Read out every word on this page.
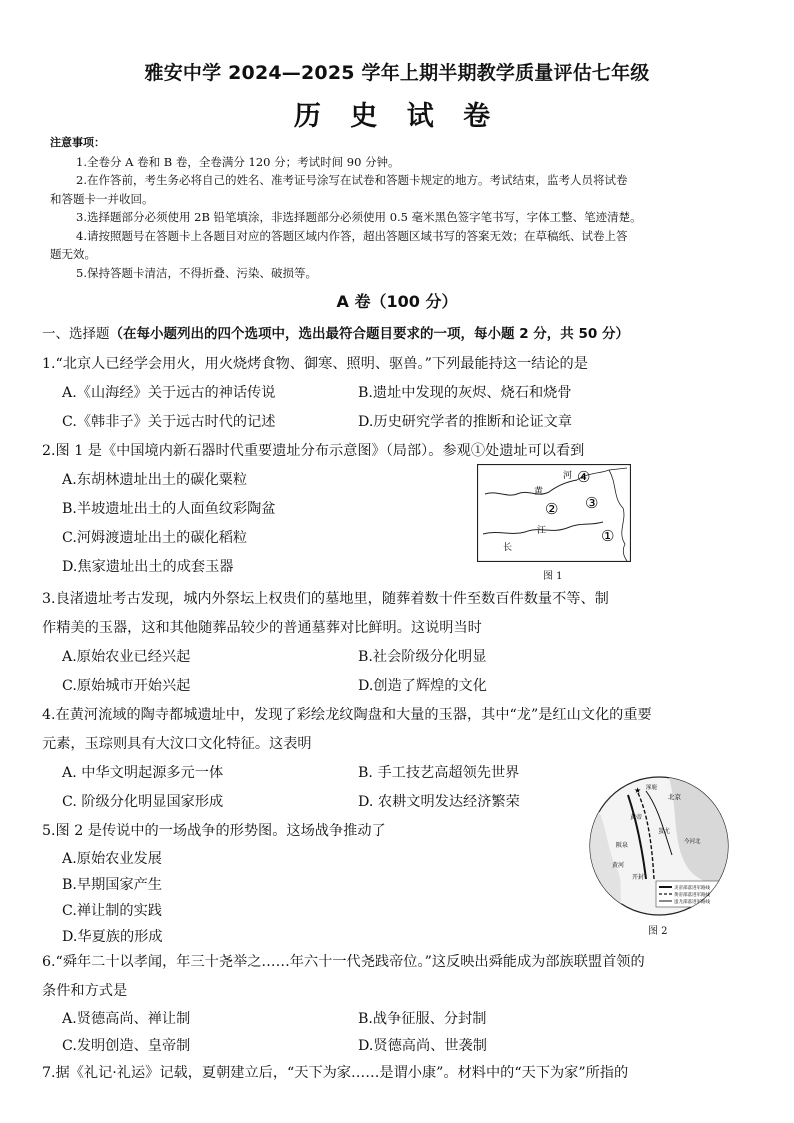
雅安中学 2024—2025 学年上期半期教学质量评估七年级
历 史 试 卷
注意事项：
1.全卷分 A 卷和 B 卷，全卷满分 120 分；考试时间 90 分钟。
2.在作答前，考生务必将自己的姓名、准考证号涂写在试卷和答题卡规定的地方。考试结束，监考人员将试卷
和答题卡一并收回。
3.选择题部分必须使用 2B 铅笔填涂，非选择题部分必须使用 0.5 毫米黑色签字笔书写，字体工整、笔迹清楚。
4.请按照题号在答题卡上各题目对应的答题区域内作答，超出答题区域书写的答案无效；在草稿纸、试卷上答
题无效。
5.保持答题卡清洁，不得折叠、污染、破损等。
A 卷（100 分）
一、选择题（在每小题列出的四个选项中，选出最符合题目要求的一项，每小题 2 分，共 50 分）
1.“北京人已经学会用火，用火烧烤食物、御寒、照明、驱兽。”下列最能持这一结论的是
A.《山海经》关于远古的神话传说	B.遗址中发现的灰烬、烧石和烧骨
C.《韩非子》关于远古时代的记述	D.历史研究学者的推断和论证文章
2.图 1 是《中国境内新石器时代重要遗址分布示意图》（局部）。参观①处遗址可以看到
A.东胡林遗址出土的碳化粟粒
B.半坡遗址出土的人面鱼纹彩陶盆
C.河姆渡遗址出土的碳化稻粒
D.焦家遗址出土的成套玉器
黄
河
长
江	①
② ③
④
图 1
3.良渚遗址考古发现，城内外祭坛上权贵们的墓地里，随葬着数十件至数百件数量不等、制
作精美的玉器，这和其他随葬品较少的普通墓葬对比鲜明。这说明当时
A.原始农业已经兴起	B.社会阶级分化明显
C.原始城市开始兴起	D.创造了辉煌的文化
4.在黄河流域的陶寺都城遗址中，发现了彩绘龙纹陶盘和大量的玉器，其中“龙”是红山文化的重要
元素，玉琮则具有大汶口文化特征。这表明
A. 中华文明起源多元一体	B. 手工技艺高超领先世界
C. 阶级分化明显国家形成	D. 农耕文明发达经济繁荣
5.图 2 是传说中的一场战争的形势图。这场战争推动了
A.原始农业发展
B.早期国家产生
C.禅让制的实践
D.华夏族的形成
★ 涿鹿
北京
黄帝
蚩尤
阪泉
黄河
今河北
开封
炎帝部落进军路线
黄帝部落进军路线
蚩尤部落进军路线
图 2
6.“舜年二十以孝闻，年三十尧举之……年六十一代尧践帝位。”这反映出舜能成为部族联盟首领的
条件和方式是
A.贤德高尚、禅让制	B.战争征服、分封制
C.发明创造、皇帝制	D.贤德高尚、世袭制
7.据《礼记·礼运》记载，夏朝建立后，“天下为家……是谓小康”。材料中的“天下为家”所指的
